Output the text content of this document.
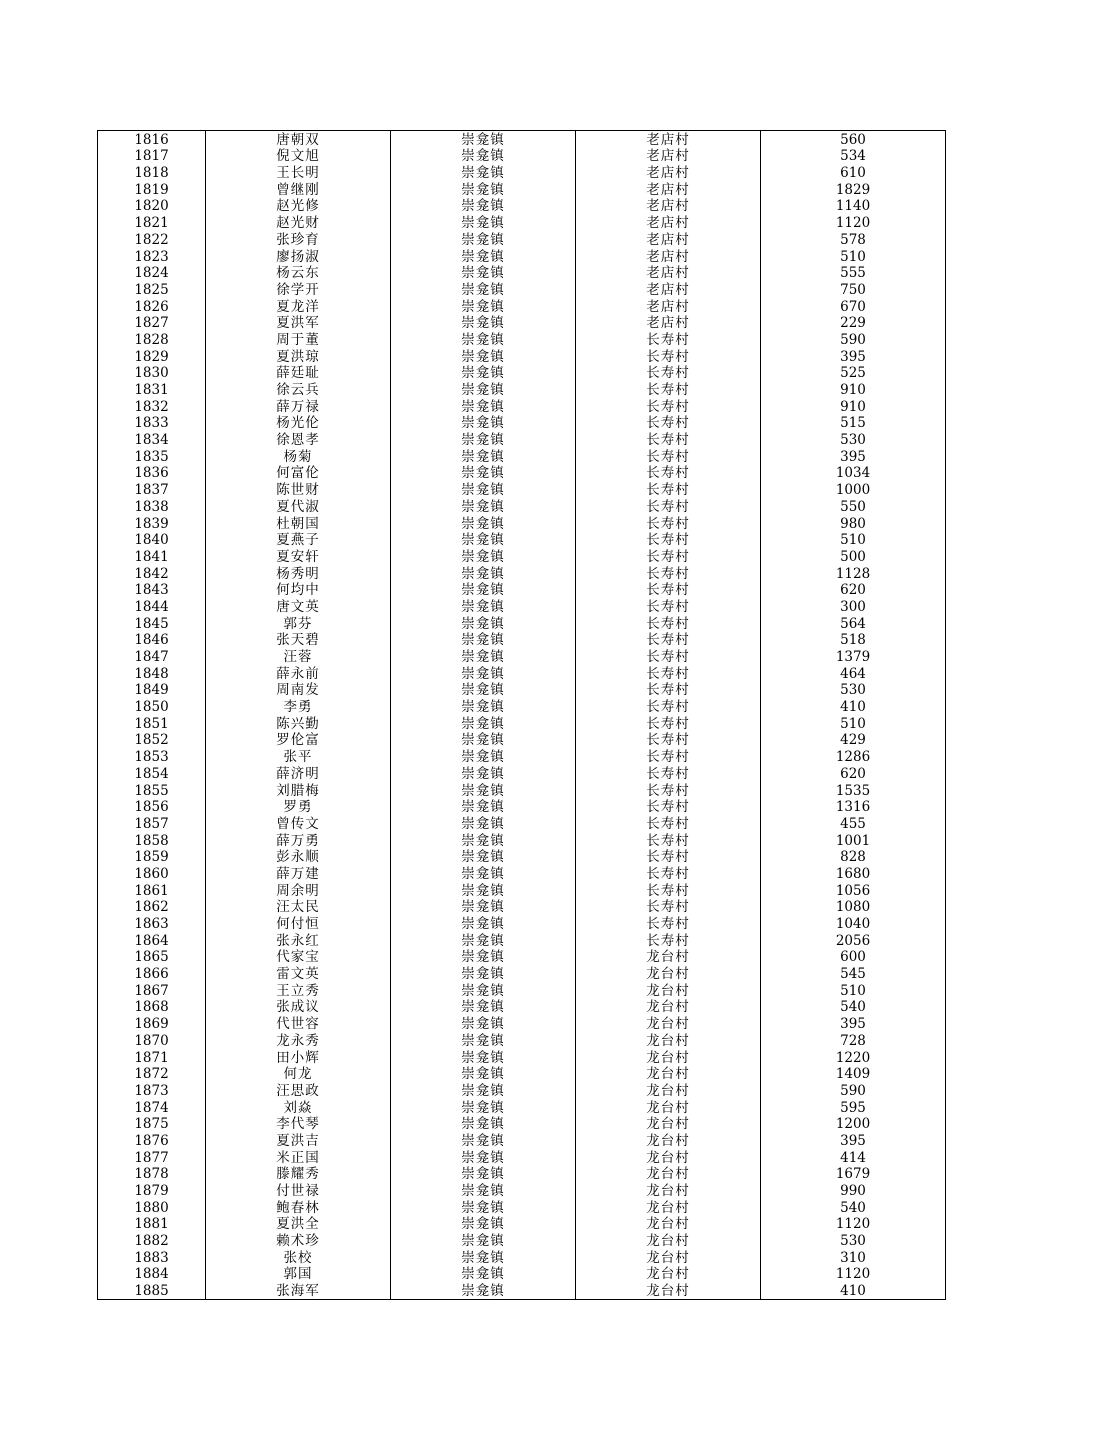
1816	唐朝双	崇龛镇	老店村	560
1817	倪文旭	崇龛镇	老店村	534
1818	王长明	崇龛镇	老店村	610
1819	曾继刚	崇龛镇	老店村	1829
1820	赵光修	崇龛镇	老店村	1140
1821	赵光财	崇龛镇	老店村	1120
1822	张珍育	崇龛镇	老店村	578
1823	廖扬淑	崇龛镇	老店村	510
1824	杨云东	崇龛镇	老店村	555
1825	徐学开	崇龛镇	老店村	750
1826	夏龙洋	崇龛镇	老店村	670
1827	夏洪军	崇龛镇	老店村	229
1828	周于董	崇龛镇	长寿村	590
1829	夏洪琼	崇龛镇	长寿村	395
1830	薛廷耻	崇龛镇	长寿村	525
1831	徐云兵	崇龛镇	长寿村	910
1832	薛万禄	崇龛镇	长寿村	910
1833	杨光伦	崇龛镇	长寿村	515
1834	徐恩孝	崇龛镇	长寿村	530
1835	杨菊	崇龛镇	长寿村	395
1836	何富伦	崇龛镇	长寿村	1034
1837	陈世财	崇龛镇	长寿村	1000
1838	夏代淑	崇龛镇	长寿村	550
1839	杜朝国	崇龛镇	长寿村	980
1840	夏燕子	崇龛镇	长寿村	510
1841	夏安轩	崇龛镇	长寿村	500
1842	杨秀明	崇龛镇	长寿村	1128
1843	何均中	崇龛镇	长寿村	620
1844	唐文英	崇龛镇	长寿村	300
1845	郭芬	崇龛镇	长寿村	564
1846	张天碧	崇龛镇	长寿村	518
1847	汪蓉	崇龛镇	长寿村	1379
1848	薛永前	崇龛镇	长寿村	464
1849	周南发	崇龛镇	长寿村	530
1850	李勇	崇龛镇	长寿村	410
1851	陈兴勤	崇龛镇	长寿村	510
1852	罗伦富	崇龛镇	长寿村	429
1853	张平	崇龛镇	长寿村	1286
1854	薛济明	崇龛镇	长寿村	620
1855	刘腊梅	崇龛镇	长寿村	1535
1856	罗勇	崇龛镇	长寿村	1316
1857	曾传文	崇龛镇	长寿村	455
1858	薛万勇	崇龛镇	长寿村	1001
1859	彭永顺	崇龛镇	长寿村	828
1860	薛万建	崇龛镇	长寿村	1680
1861	周余明	崇龛镇	长寿村	1056
1862	汪太民	崇龛镇	长寿村	1080
1863	何付恒	崇龛镇	长寿村	1040
1864	张永红	崇龛镇	长寿村	2056
1865	代家宝	崇龛镇	龙台村	600
1866	雷文英	崇龛镇	龙台村	545
1867	王立秀	崇龛镇	龙台村	510
1868	张成议	崇龛镇	龙台村	540
1869	代世容	崇龛镇	龙台村	395
1870	龙永秀	崇龛镇	龙台村	728
1871	田小辉	崇龛镇	龙台村	1220
1872	何龙	崇龛镇	龙台村	1409
1873	汪思政	崇龛镇	龙台村	590
1874	刘焱	崇龛镇	龙台村	595
1875	李代琴	崇龛镇	龙台村	1200
1876	夏洪吉	崇龛镇	龙台村	395
1877	米正国	崇龛镇	龙台村	414
1878	滕耀秀	崇龛镇	龙台村	1679
1879	付世禄	崇龛镇	龙台村	990
1880	鲍春林	崇龛镇	龙台村	540
1881	夏洪全	崇龛镇	龙台村	1120
1882	赖术珍	崇龛镇	龙台村	530
1883	张校	崇龛镇	龙台村	310
1884	郭国	崇龛镇	龙台村	1120
1885	张海军	崇龛镇	龙台村	410
